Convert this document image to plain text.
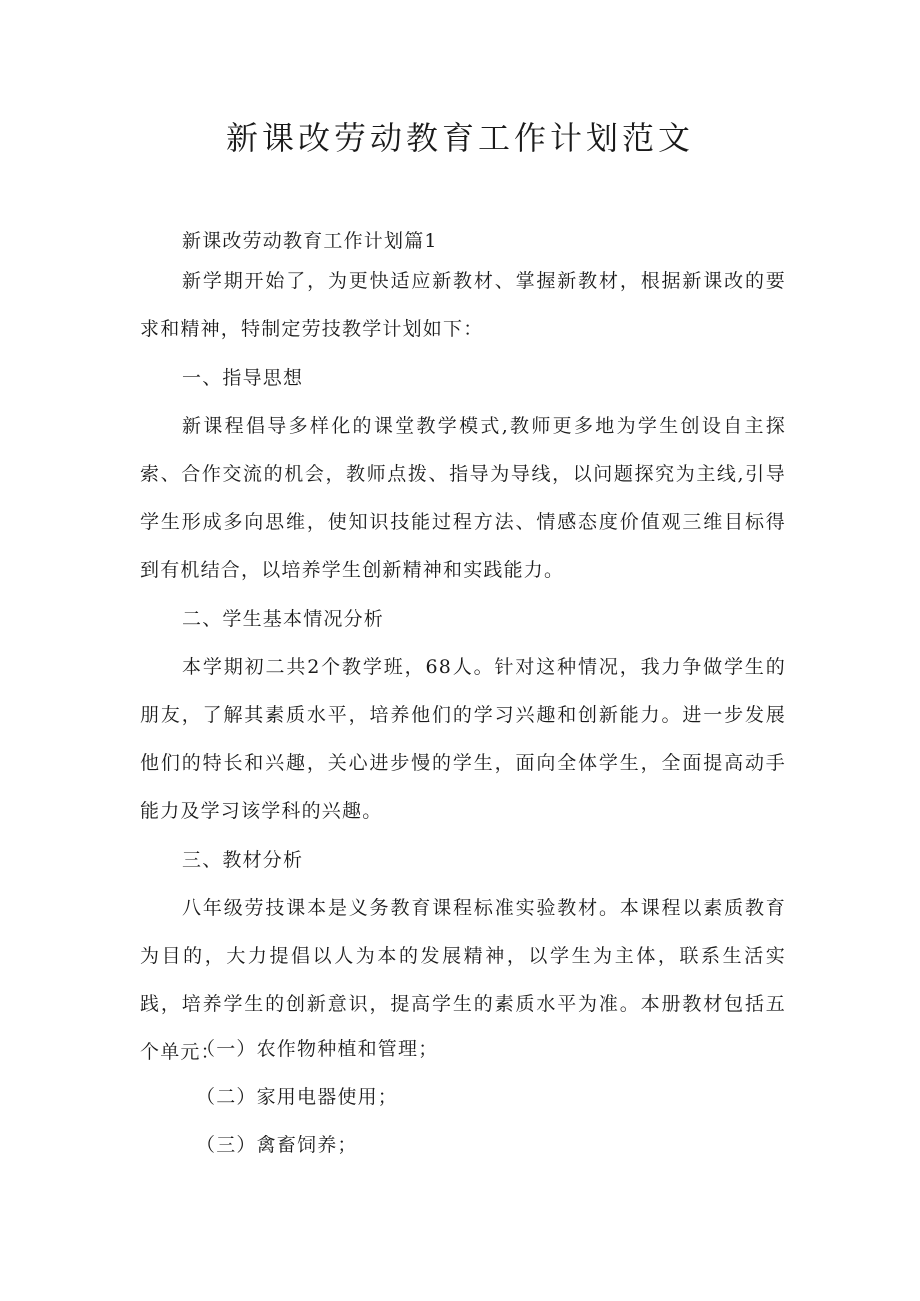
新课改劳动教育工作计划范文

新课改劳动教育工作计划篇1

新学期开始了，为更快适应新教材、掌握新教材，根据新课改的要求和精神，特制定劳技教学计划如下：

一、指导思想

新课程倡导多样化的课堂教学模式,教师更多地为学生创设自主探索、合作交流的机会，教师点拨、指导为导线，以问题探究为主线,引导学生形成多向思维，使知识技能过程方法、情感态度价值观三维目标得到有机结合，以培养学生创新精神和实践能力。

二、学生基本情况分析

本学期初二共2个教学班，68人。针对这种情况，我力争做学生的朋友，了解其素质水平，培养他们的学习兴趣和创新能力。进一步发展他们的特长和兴趣，关心进步慢的学生，面向全体学生，全面提高动手能力及学习该学科的兴趣。

三、教材分析

八年级劳技课本是义务教育课程标准实验教材。本课程以素质教育为目的，大力提倡以人为本的发展精神，以学生为主体，联系生活实践，培养学生的创新意识，提高学生的素质水平为准。本册教材包括五个单元：

（一）农作物种植和管理；

（二）家用电器使用；

（三）禽畜饲养；
